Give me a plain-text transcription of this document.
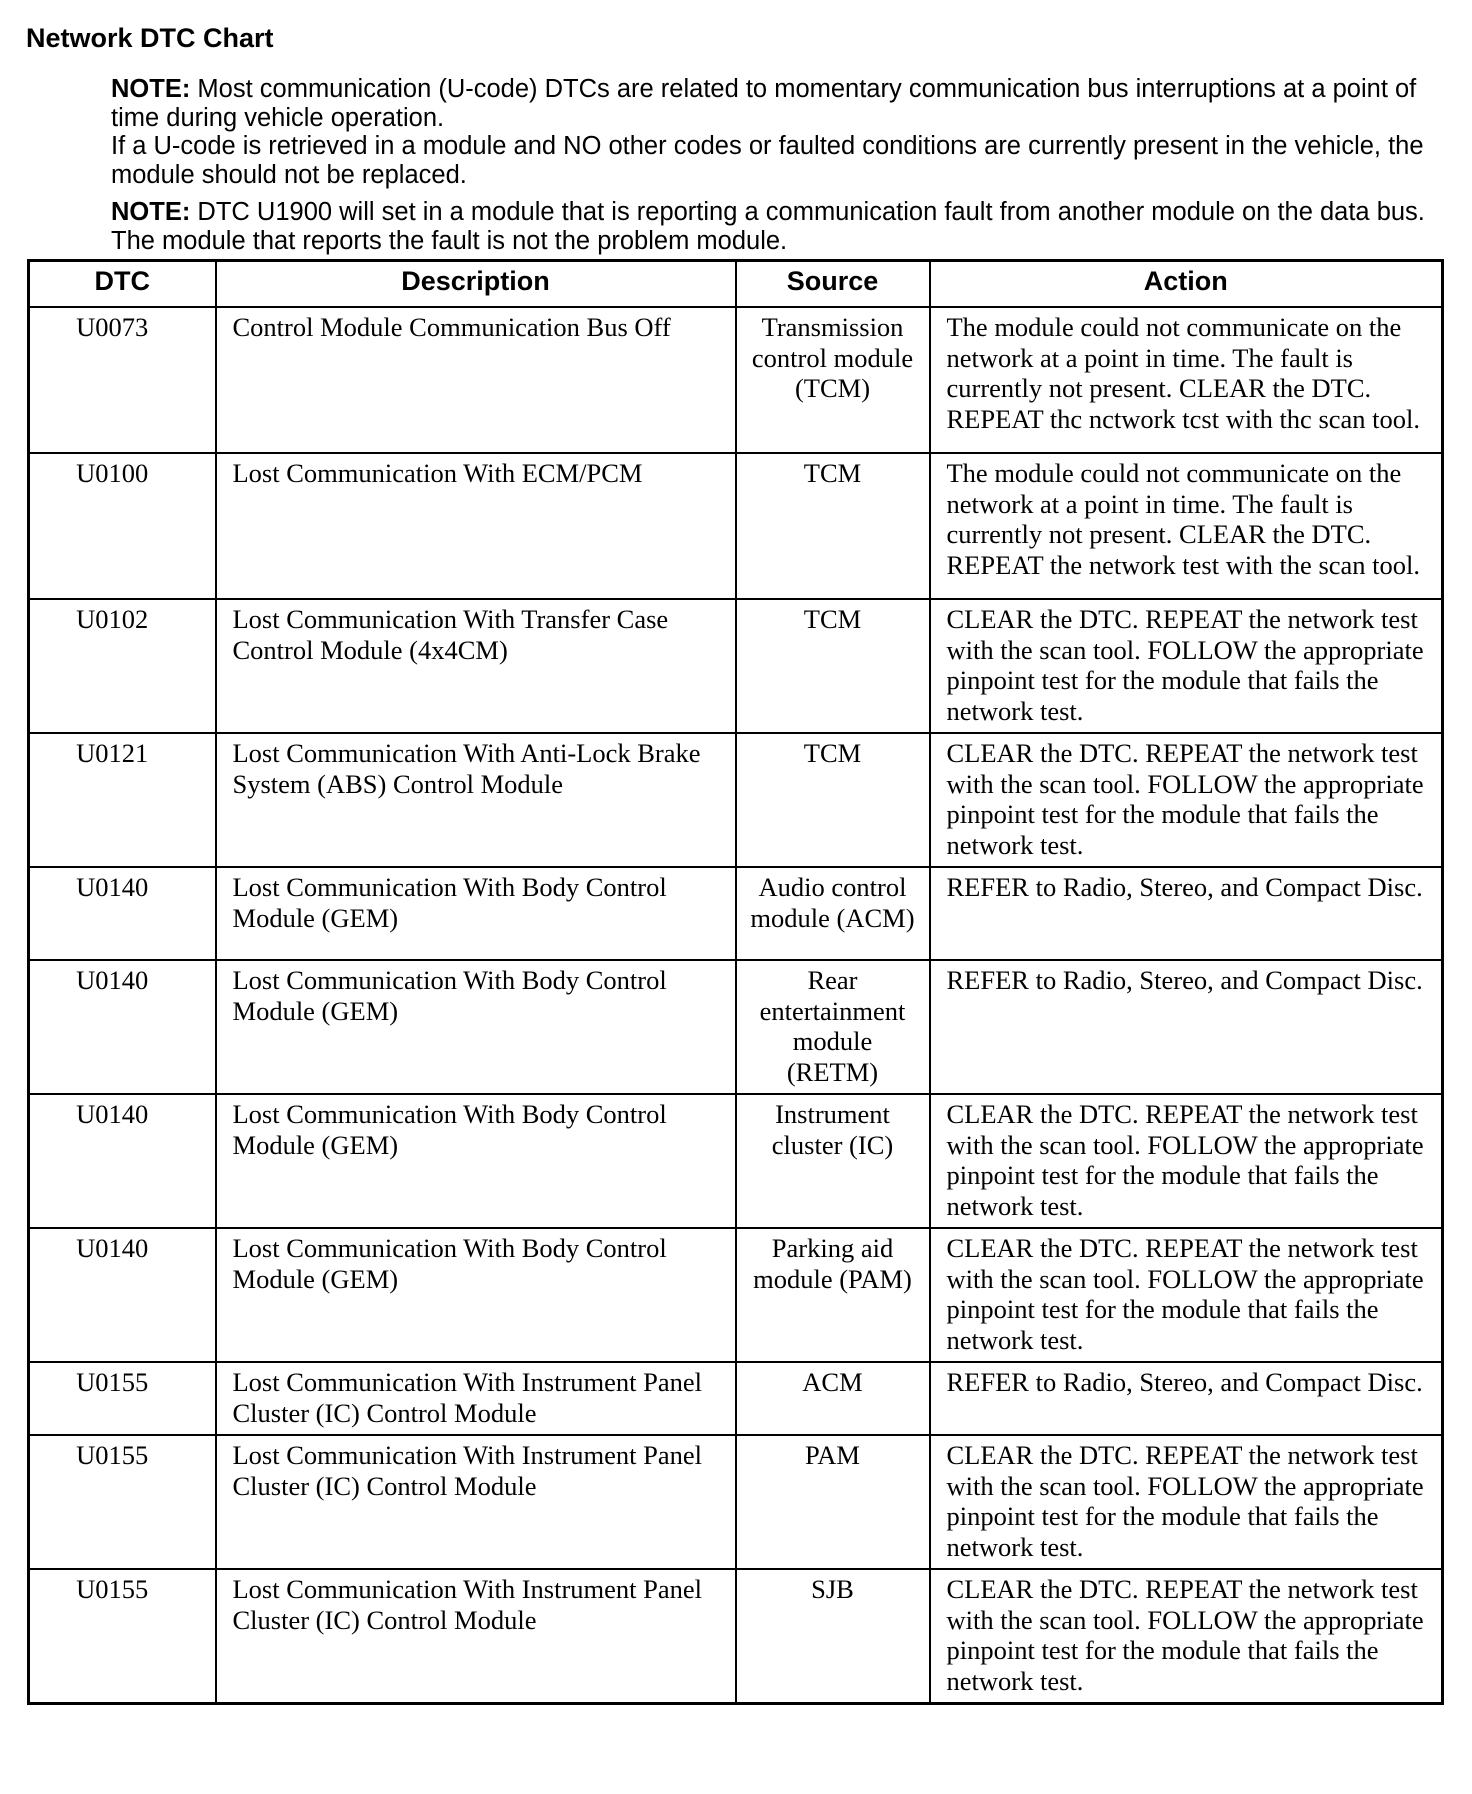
Network DTC Chart

NOTE: Most communication (U-code) DTCs are related to momentary communication bus interruptions at a point of time during vehicle operation.

If a U-code is retrieved in a module and NO other codes or faulted conditions are currently present in the vehicle, the module should not be replaced.

NOTE: DTC U1900 will set in a module that is reporting a communication fault from another module on the data bus. The module that reports the fault is not the problem module.

DTC	Description	Source	Action
U0073	Control Module Communication Bus Off	Transmission control module (TCM)	The module could not communicate on the network at a point in time. The fault is currently not present. CLEAR the DTC. REPEAT thc nctwork tcst with thc scan tool.
U0100	Lost Communication With ECM/PCM	TCM	The module could not communicate on the network at a point in time. The fault is currently not present. CLEAR the DTC. REPEAT the network test with the scan tool.
U0102	Lost Communication With Transfer Case Control Module (4x4CM)	TCM	CLEAR the DTC. REPEAT the network test with the scan tool. FOLLOW the appropriate pinpoint test for the module that fails the network test.
U0121	Lost Communication With Anti-Lock Brake System (ABS) Control Module	TCM	CLEAR the DTC. REPEAT the network test with the scan tool. FOLLOW the appropriate pinpoint test for the module that fails the network test.
U0140	Lost Communication With Body Control Module (GEM)	Audio control module (ACM)	REFER to Radio, Stereo, and Compact Disc.
U0140	Lost Communication With Body Control Module (GEM)	Rear entertainment module (RETM)	REFER to Radio, Stereo, and Compact Disc.
U0140	Lost Communication With Body Control Module (GEM)	Instrument cluster (IC)	CLEAR the DTC. REPEAT the network test with the scan tool. FOLLOW the appropriate pinpoint test for the module that fails the network test.
U0140	Lost Communication With Body Control Module (GEM)	Parking aid module (PAM)	CLEAR the DTC. REPEAT the network test with the scan tool. FOLLOW the appropriate pinpoint test for the module that fails the network test.
U0155	Lost Communication With Instrument Panel Cluster (IC) Control Module	ACM	REFER to Radio, Stereo, and Compact Disc.
U0155	Lost Communication With Instrument Panel Cluster (IC) Control Module	PAM	CLEAR the DTC. REPEAT the network test with the scan tool. FOLLOW the appropriate pinpoint test for the module that fails the network test.
U0155	Lost Communication With Instrument Panel Cluster (IC) Control Module	SJB	CLEAR the DTC. REPEAT the network test with the scan tool. FOLLOW the appropriate pinpoint test for the module that fails the network test.
